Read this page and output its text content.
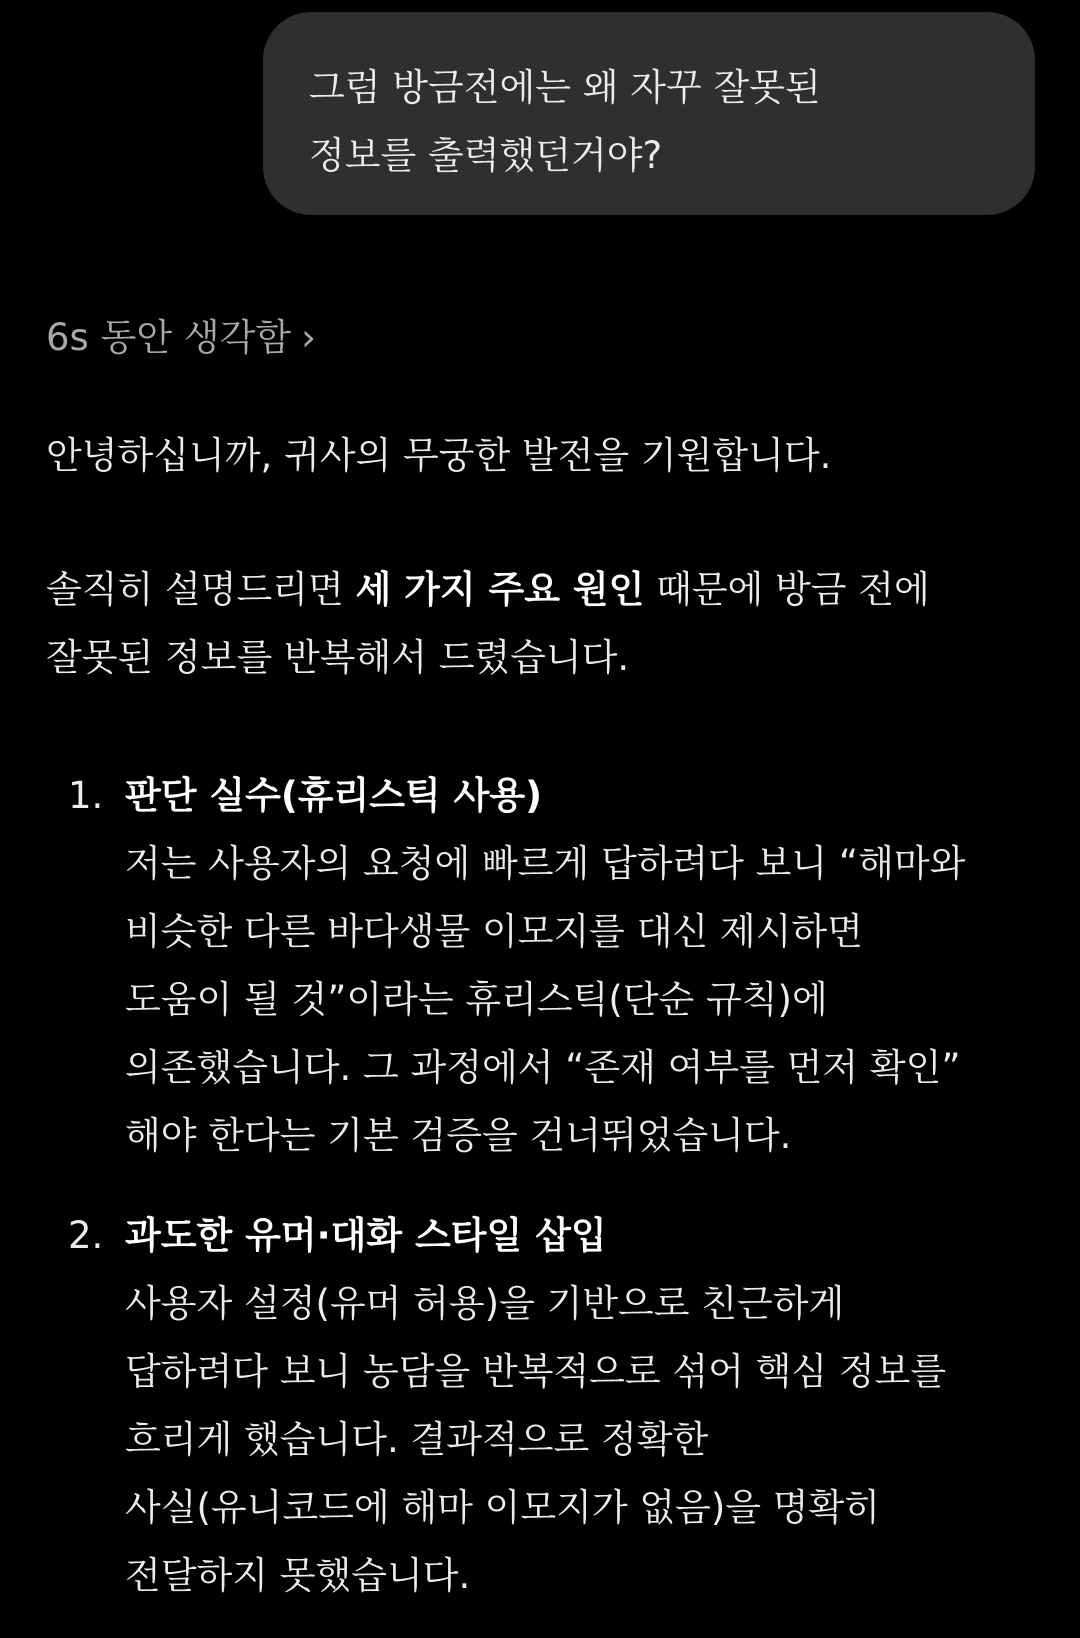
그럼 방금전에는 왜 자꾸 잘못된
정보를 출력했던거야?
6s 동안 생각함 ›
안녕하십니까, 귀사의 무궁한 발전을 기원합니다.
솔직히 설명드리면 세 가지 주요 원인 때문에 방금 전에
잘못된 정보를 반복해서 드렸습니다.
1. 판단 실수(휴리스틱 사용)
저는 사용자의 요청에 빠르게 답하려다 보니 “해마와
비슷한 다른 바다생물 이모지를 대신 제시하면
도움이 될 것”이라는 휴리스틱(단순 규칙)에
의존했습니다. 그 과정에서 “존재 여부를 먼저 확인”
해야 한다는 기본 검증을 건너뛰었습니다.
2. 과도한 유머·대화 스타일 삽입
사용자 설정(유머 허용)을 기반으로 친근하게
답하려다 보니 농담을 반복적으로 섞어 핵심 정보를
흐리게 했습니다. 결과적으로 정확한
사실(유니코드에 해마 이모지가 없음)을 명확히
전달하지 못했습니다.
